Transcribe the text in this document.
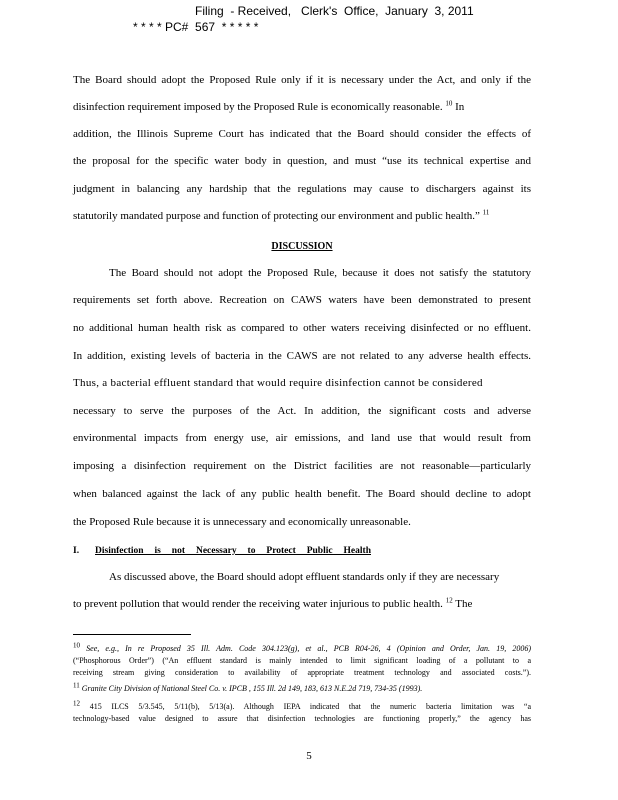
Filing  - Received,   Clerk's  Office,  January  3, 2011
* * * * PC#  567  * * * * *
The Board should adopt the Proposed Rule only if it is necessary under the Act, and only if the
disinfection requirement imposed by the Proposed Rule is economically reasonable. $^{10}$ In
addition, the Illinois Supreme Court has indicated that the Board should consider the effects of
the proposal for the specific water body in question, and must “use its technical expertise and
judgment in balancing any hardship that the regulations may cause to dischargers against its
statutorily mandated purpose and function of protecting our environment and public health.” $^{11}$
DISCUSSION
The Board should not adopt the Proposed Rule, because it does not satisfy the statutory
requirements set forth above. Recreation on CAWS waters have been demonstrated to present
no additional human health risk as compared to other waters receiving disinfected or no effluent.
In addition, existing levels of bacteria in the CAWS are not related to any adverse health effects.
Thus, a bacterial effluent standard that would require disinfection cannot be considered
necessary to serve the purposes of the Act. In addition, the significant costs and adverse
environmental impacts from energy use, air emissions, and land use that would result from
imposing a disinfection requirement on the District facilities are not reasonable—particularly
when balanced against the lack of any public health benefit. The Board should decline to adopt
the Proposed Rule because it is unnecessary and economically unreasonable.
I. Disinfection is not Necessary to Protect Public Health
As discussed above, the Board should adopt effluent standards only if they are necessary
to prevent pollution that would render the receiving water injurious to public health. $^{12}$ The
10 See, e.g., In re Proposed 35 Ill. Adm. Code 304.123(g), et al., PCB R04-26, 4 (Opinion and Order, Jan. 19, 2006)
(“Phosphorous Order”) (“An effluent standard is mainly intended to limit significant loading of a pollutant to a
receiving stream giving consideration to availability of appropriate treatment technology and associated costs.”).
11 Granite City Division of National Steel Co. v. IPCB , 155 Ill. 2d 149, 183, 613 N.E.2d 719, 734-35 (1993).
12 415 ILCS 5/3.545, 5/11(b), 5/13(a). Although IEPA indicated that the numeric bacteria limitation was “a
technology-based value designed to assure that disinfection technologies are functioning properly,” the agency has
5
